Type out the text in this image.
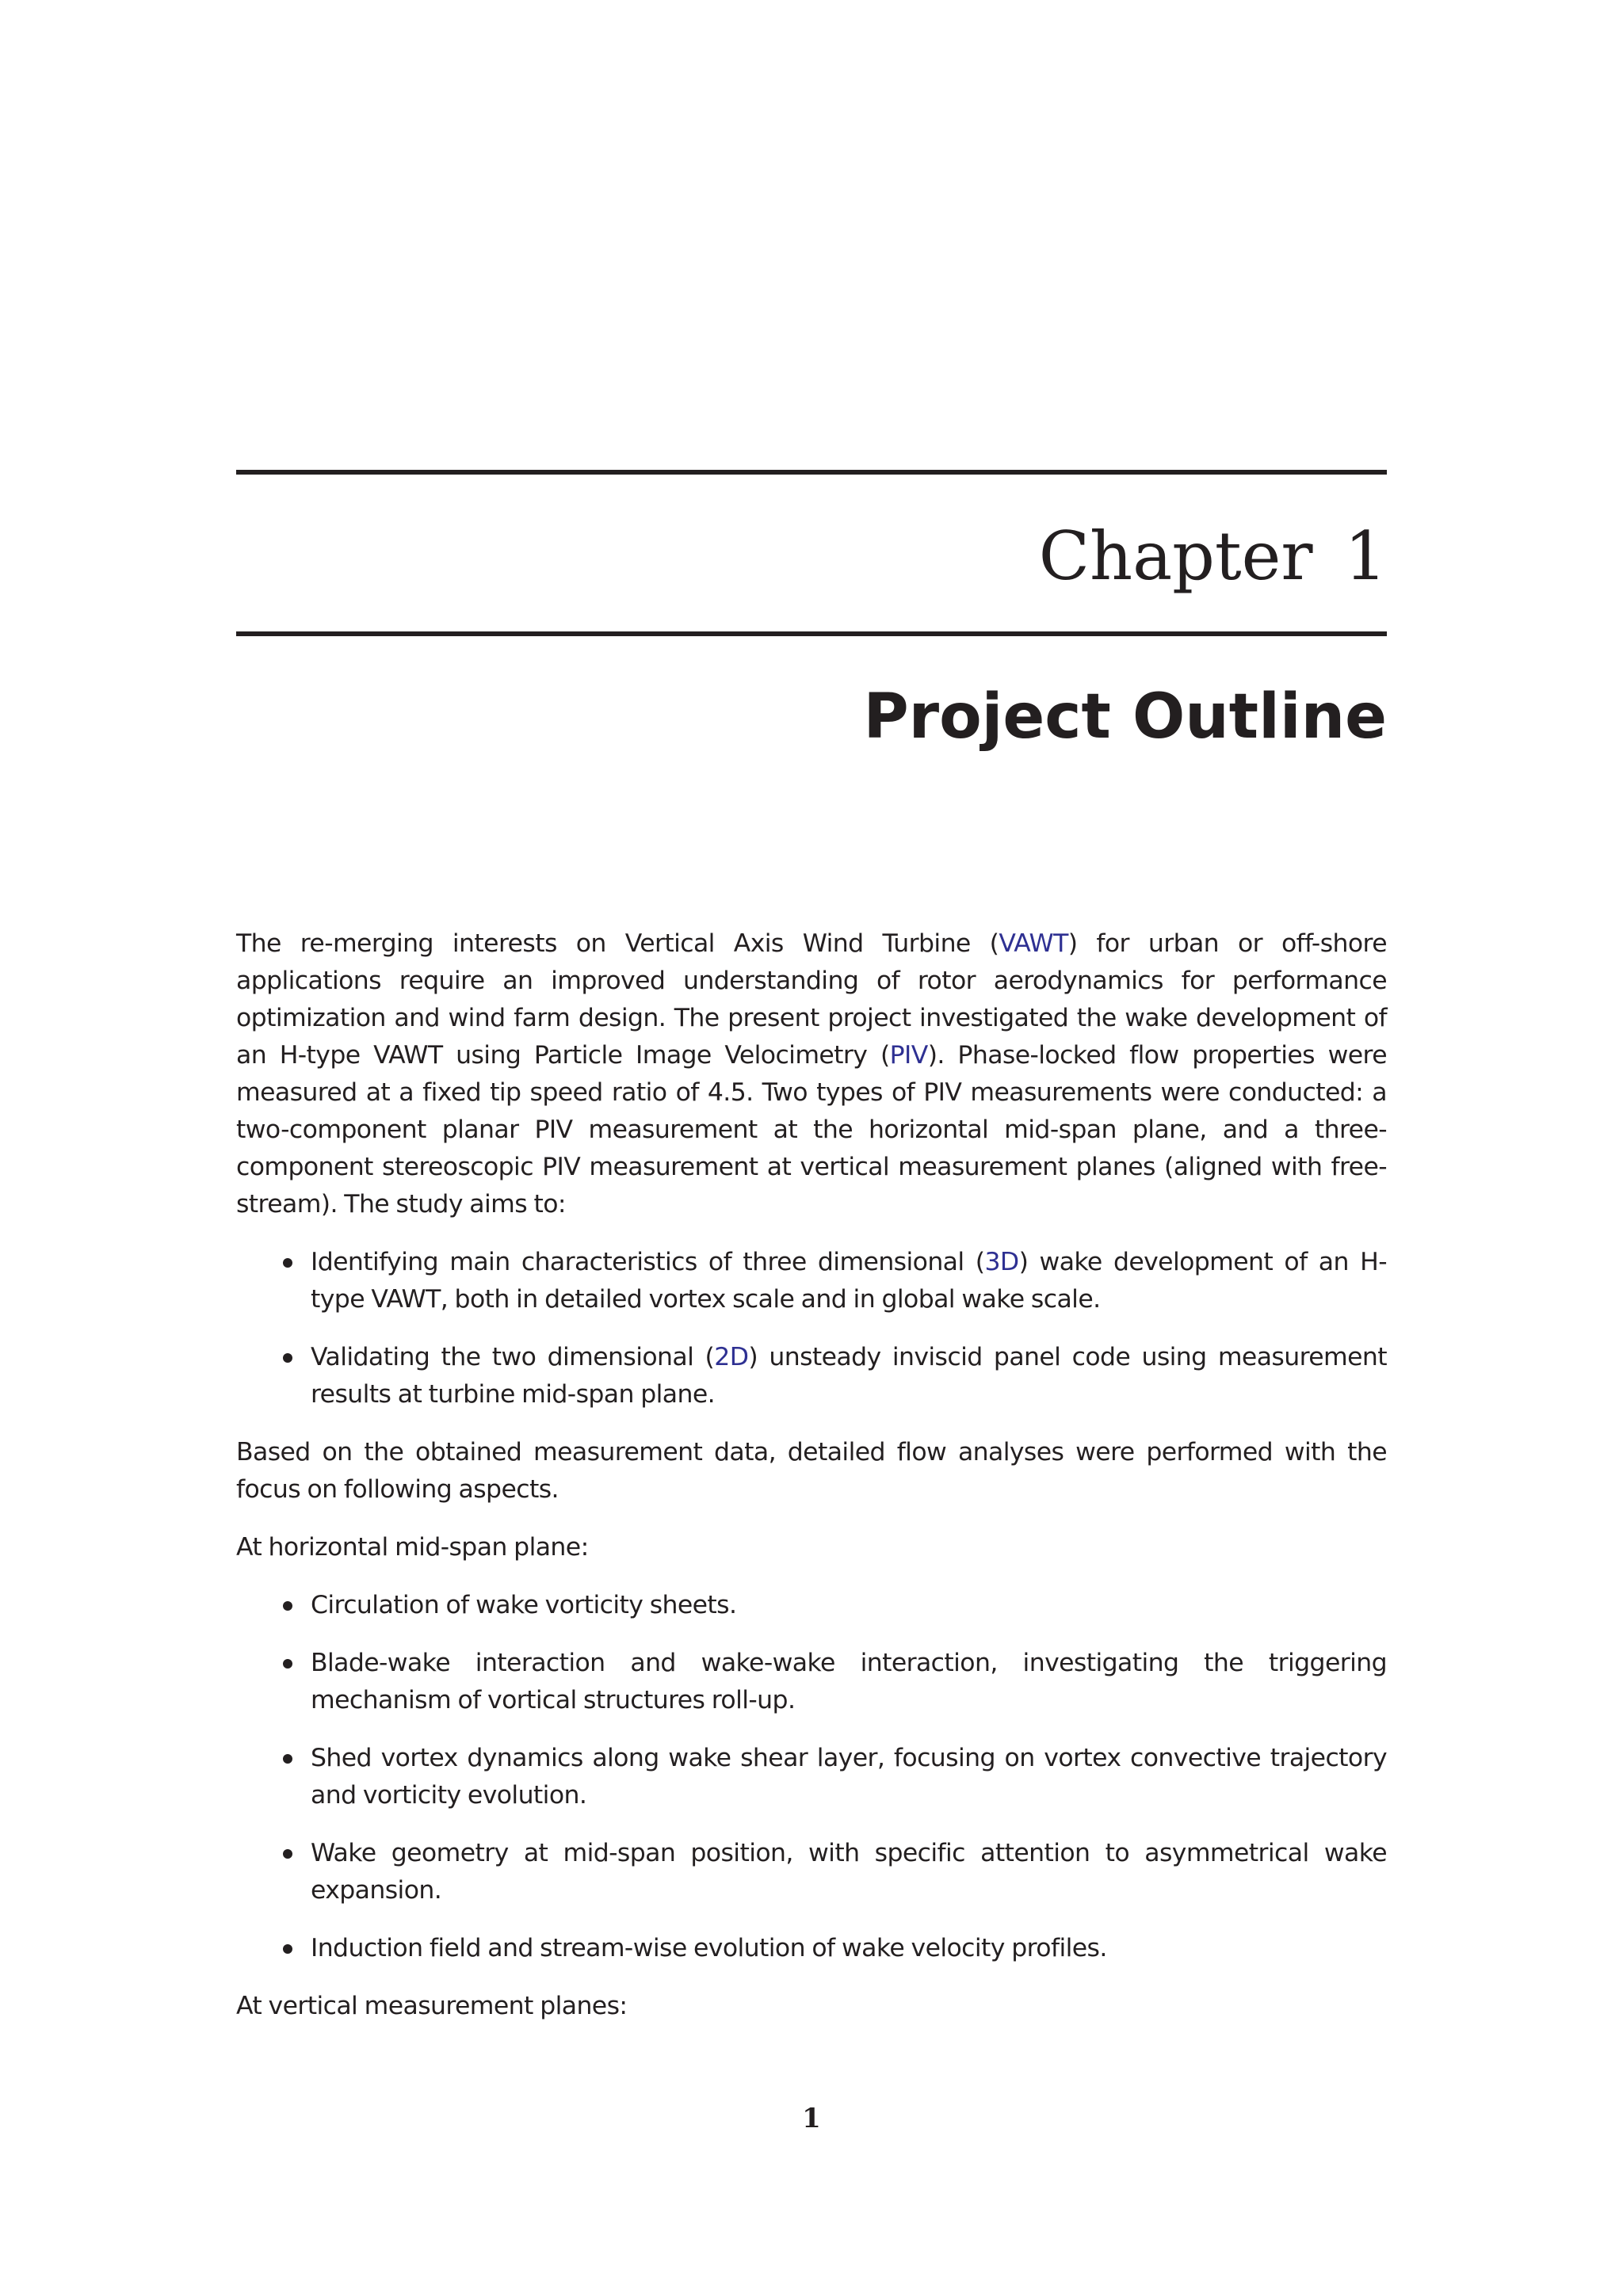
Chapter 1
Project Outline

The re-merging interests on Vertical Axis Wind Turbine (VAWT) for urban or off-shore applications require an improved understanding of rotor aerodynamics for performance optimization and wind farm design. The present project investigated the wake development of an H-type VAWT using Particle Image Velocimetry (PIV). Phase-locked flow properties were measured at a fixed tip speed ratio of 4.5. Two types of PIV measurements were conducted: a two-component planar PIV measurement at the horizontal mid-span plane, and a three-component stereoscopic PIV measurement at vertical measurement planes (aligned with free-stream). The study aims to:

Identifying main characteristics of three dimensional (3D) wake development of an H-type VAWT, both in detailed vortex scale and in global wake scale.
Validating the two dimensional (2D) unsteady inviscid panel code using measurement results at turbine mid-span plane.

Based on the obtained measurement data, detailed flow analyses were performed with the focus on following aspects.

At horizontal mid-span plane:

Circulation of wake vorticity sheets.
Blade-wake interaction and wake-wake interaction, investigating the triggering mechanism of vortical structures roll-up.
Shed vortex dynamics along wake shear layer, focusing on vortex convective trajectory and vorticity evolution.
Wake geometry at mid-span position, with specific attention to asymmetrical wake expansion.
Induction field and stream-wise evolution of wake velocity profiles.

At vertical measurement planes:

1
